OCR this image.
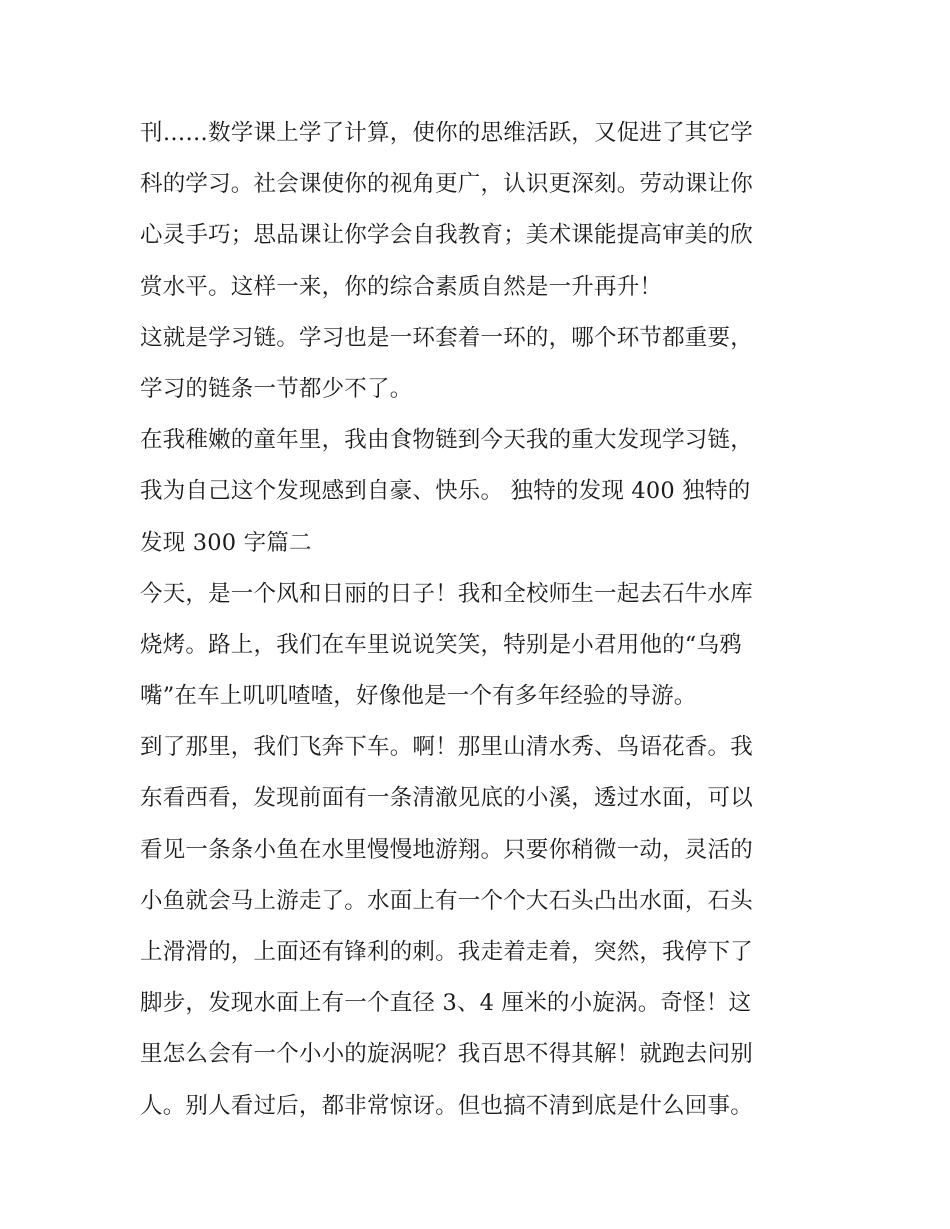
刊……数学课上学了计算，使你的思维活跃，又促进了其它学
科的学习。社会课使你的视角更广，认识更深刻。劳动课让你
心灵手巧；思品课让你学会自我教育；美术课能提高审美的欣
赏水平。这样一来，你的综合素质自然是一升再升！
这就是学习链。学习也是一环套着一环的，哪个环节都重要，
学习的链条一节都少不了。
在我稚嫩的童年里，我由食物链到今天我的重大发现学习链，
我为自己这个发现感到自豪、快乐。 独特的发现 400 独特的
发现 300 字篇二
今天，是一个风和日丽的日子！我和全校师生一起去石牛水库
烧烤。路上，我们在车里说说笑笑，特别是小君用他的“乌鸦
嘴”在车上叽叽喳喳，好像他是一个有多年经验的导游。
到了那里，我们飞奔下车。啊！那里山清水秀、鸟语花香。我
东看西看，发现前面有一条清澈见底的小溪，透过水面，可以
看见一条条小鱼在水里慢慢地游翔。只要你稍微一动，灵活的
小鱼就会马上游走了。水面上有一个个大石头凸出水面，石头
上滑滑的，上面还有锋利的刺。我走着走着，突然，我停下了
脚步，发现水面上有一个直径 3、4 厘米的小旋涡。奇怪！这
里怎么会有一个小小的旋涡呢？我百思不得其解！就跑去问别
人。别人看过后，都非常惊讶。但也搞不清到底是什么回事。
